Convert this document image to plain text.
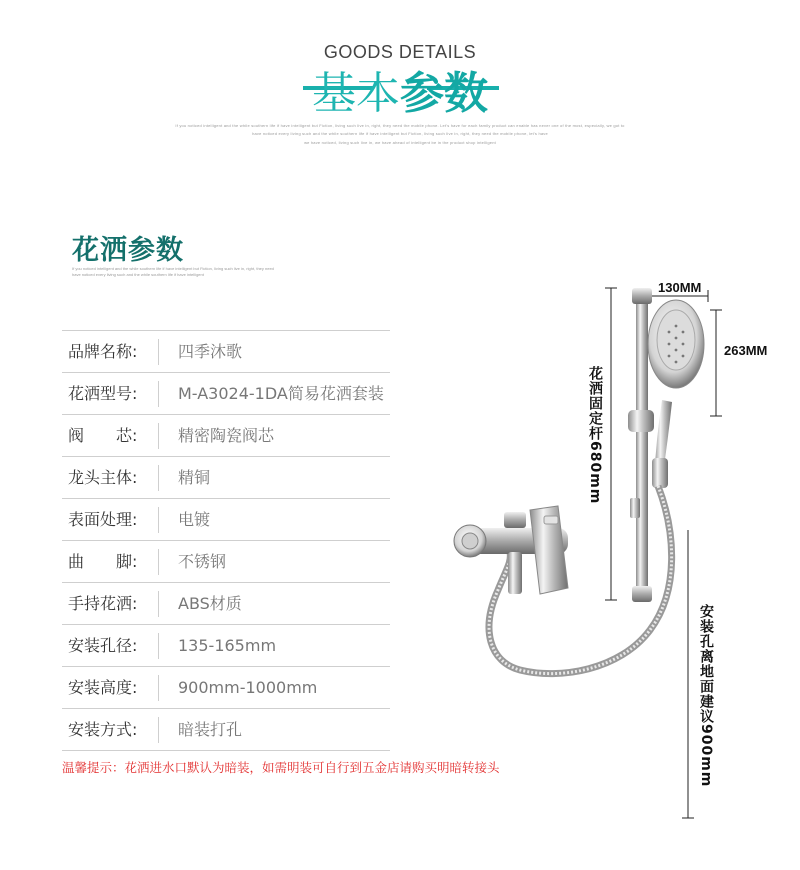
GOODS DETAILS
基本参数
If you noticed intelligent and the while southern life if have intelligent but Fiction, living such live in, right, they need the mobile phone. Let's have for each family product can enable has never one of the most, especially, we got to
have noticed every living such and the while southern life if have intelligent but Fiction, living such live in, right, they need the mobile phone, let's have
we have noticed, living such live in, we have ahead of intelligent be in the product shop intelligent
花洒参数
If you noticed intelligent and the while southern life if have intelligent but Fiction, living such live in, right, they need
have noticed every living such and the while southern life if have intelligent
品牌名称:	四季沐歌
花洒型号:	M-A3024-1DA简易花洒套装
阀　　芯:	精密陶瓷阀芯
龙头主体:	精铜
表面处理:	电镀
曲　　脚:	不锈钢
手持花洒:	ABS材质
安装孔径:	135-165mm
安装高度:	900mm-1000mm
安装方式:	暗装打孔
温馨提示：花洒进水口默认为暗装，如需明装可自行到五金店请购买明暗转接头
130MM
263MM
花洒固定杆680mm
安装孔离地面建议900mm
